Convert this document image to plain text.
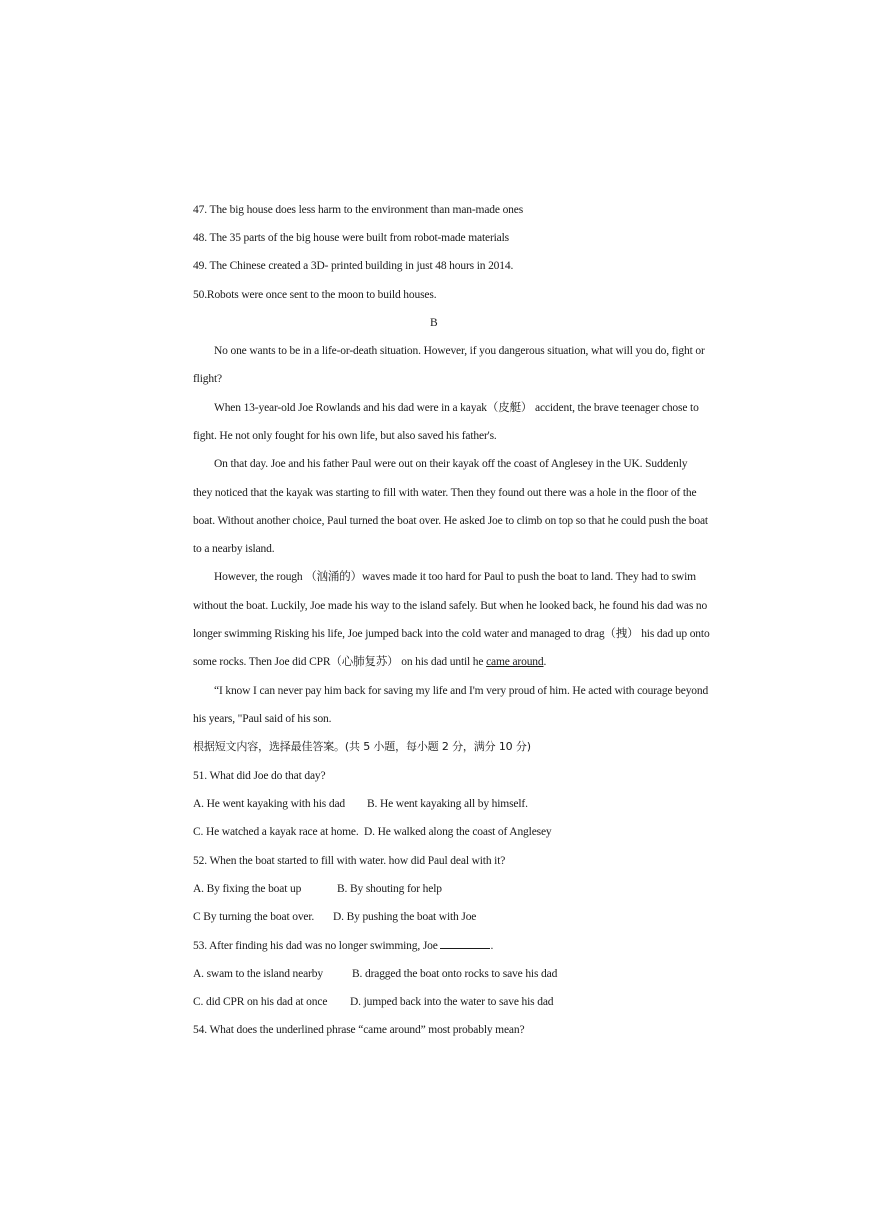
47. The big house does less harm to the environment than man-made ones
48. The 35 parts of the big house were built from robot-made materials
49. The Chinese created a 3D- printed building in just 48 hours in 2014.
50.Robots were once sent to the moon to build houses.
B
No one wants to be in a life-or-death situation. However, if you dangerous situation, what will you do, fight or
flight?
When 13-year-old Joe Rowlands and his dad were in a kayak（皮艇） accident, the brave teenager chose to
fight. He not only fought for his own life, but also saved his father's.
On that day. Joe and his father Paul were out on their kayak off the coast of Anglesey in the UK. Suddenly
they noticed that the kayak was starting to fill with water. Then they found out there was a hole in the floor of the
boat. Without another choice, Paul turned the boat over. He asked Joe to climb on top so that he could push the boat
to a nearby island.
However, the rough （汹涌的）waves made it too hard for Paul to push the boat to land. They had to swim
without the boat. Luckily, Joe made his way to the island safely. But when he looked back, he found his dad was no
longer swimming Risking his life, Joe jumped back into the cold water and managed to drag（拽） his dad up onto
some rocks. Then Joe did CPR（心肺复苏） on his dad until he came around.
“I know I can never pay him back for saving my life and I'm very proud of him. He acted with courage beyond
his years, "Paul said of his son.
根据短文内容，选择最佳答案。(共 5 小题，每小题 2 分，满分 10 分)
51. What did Joe do that day?
A. He went kayaking with his dad B. He went kayaking all by himself.
C. He watched a kayak race at home. D. He walked along the coast of Anglesey
52. When the boat started to fill with water. how did Paul deal with it?
A. By fixing the boat up	B. By shouting for help
C By turning the boat over. D. By pushing the boat with Joe
53. After finding his dad was no longer swimming, Joe	.
A. swam to the island nearby	B. dragged the boat onto rocks to save his dad
C. did CPR on his dad at once D. jumped back into the water to save his dad
54. What does the underlined phrase “came around” most probably mean?
